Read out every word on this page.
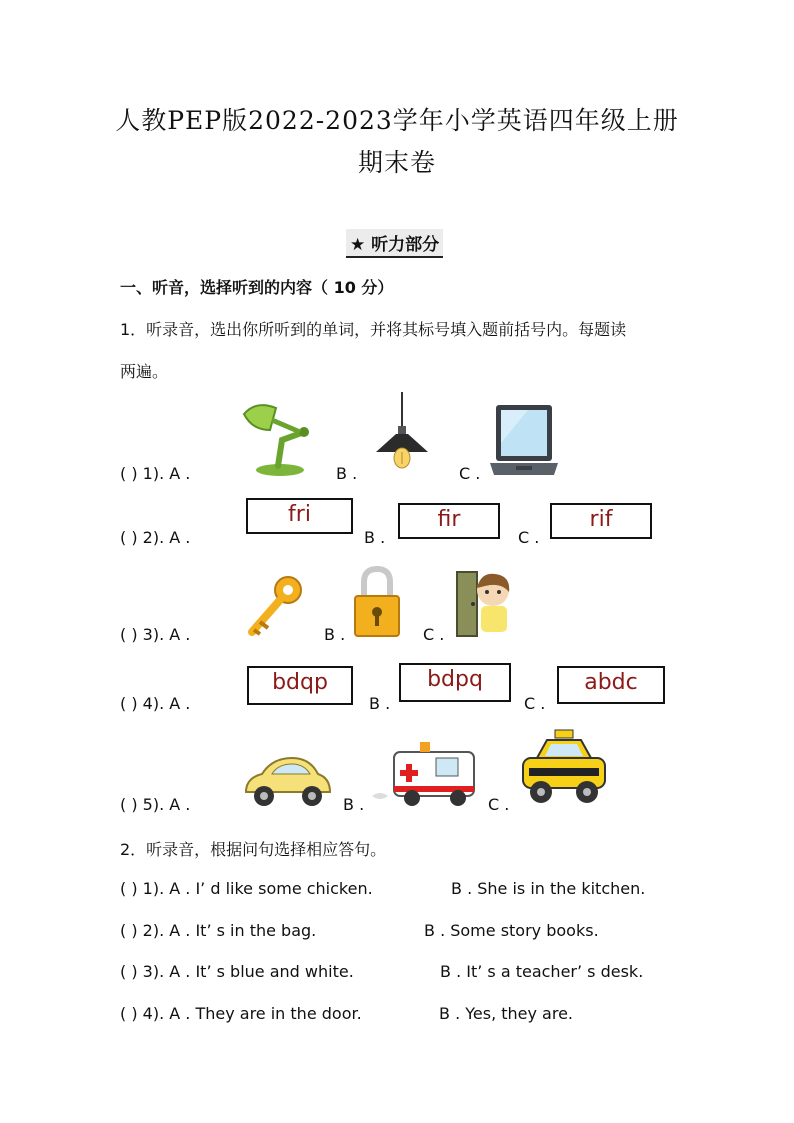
人教PEP版2022-2023学年小学英语四年级上册
期末卷
★ 听力部分
一、听音，选择听到的内容（ 10 分）
1．听录音，选出你所听到的单词，并将其标号填入题前括号内。每题读
两遍。
( ) 1). A .	B .	C .
( ) 2). A .
fri
B .
fir
C .
rif
( ) 3). A .	B .	C .
( ) 4). A .
bdqp
B .
bdpq
C .
abdc
( ) 5). A .	B .	C .
2．听录音，根据问句选择相应答句。
( ) 1). A . I’ d like some chicken.	B . She is in the kitchen.
( ) 2). A . It’ s in the bag.	B . Some story books.
( ) 3). A . It’ s blue and white.	B . It’ s a teacher’ s desk.
( ) 4). A . They are in the door.	B . Yes, they are.
